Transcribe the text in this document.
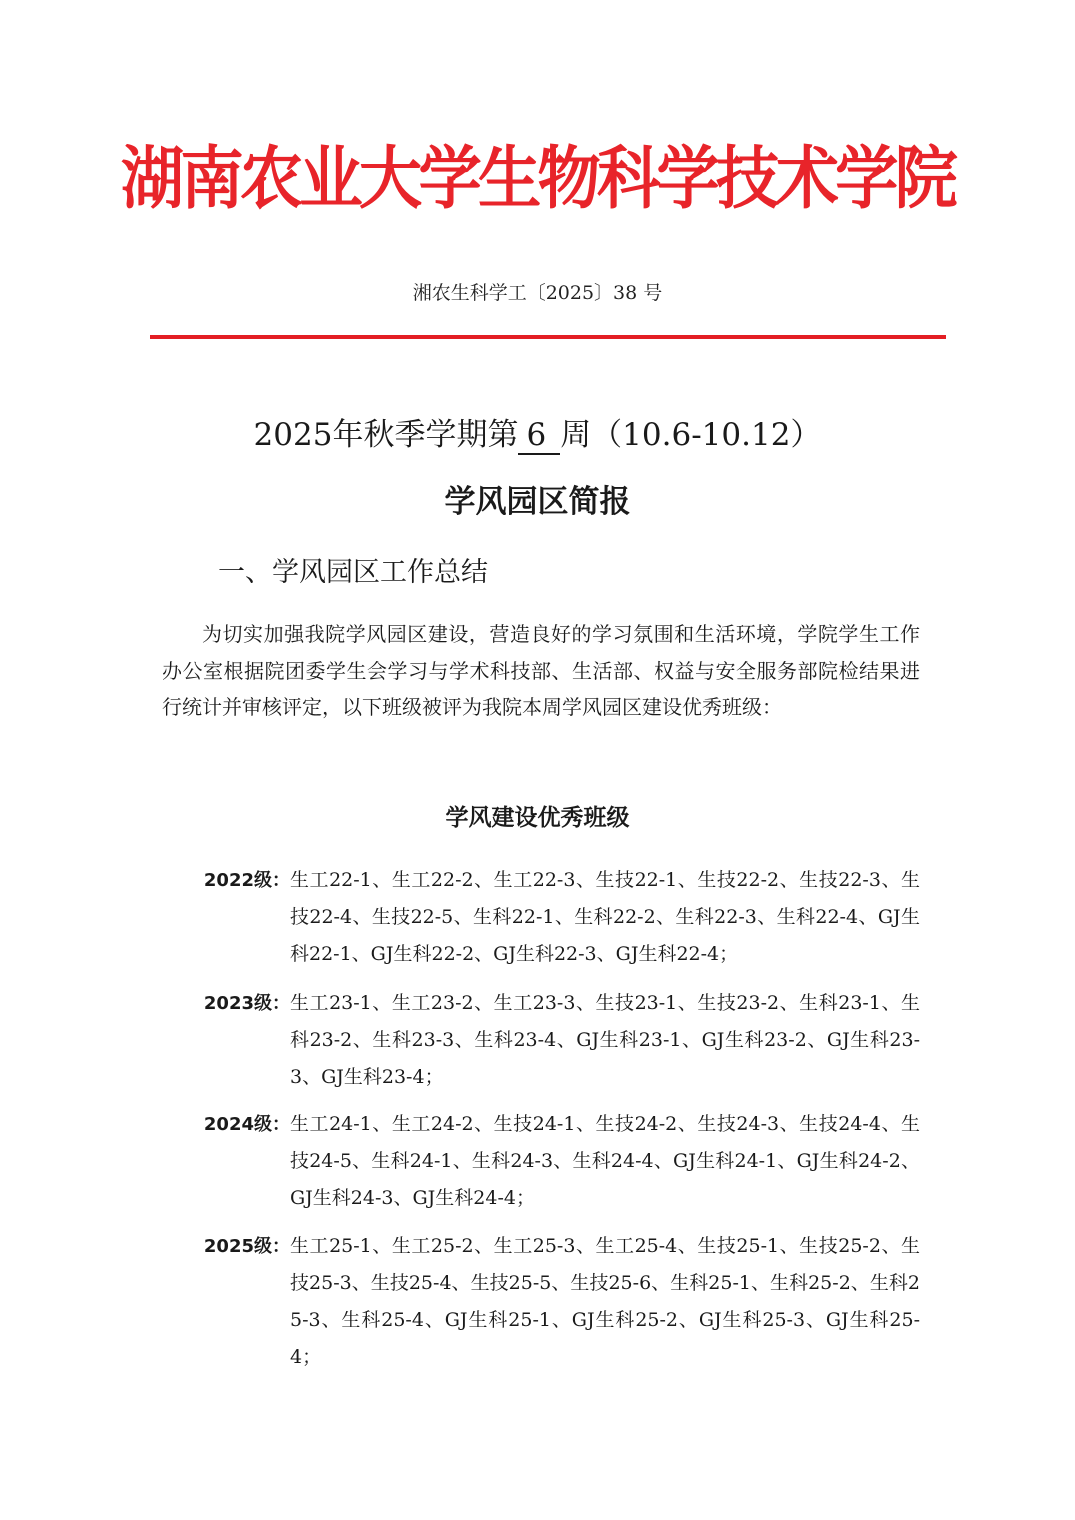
湖南农业大学生物科学技术学院
湘农生科学工〔2025〕38 号
2025年秋季学期第 6 周（10.6-10.12）
学风园区简报
一、学风园区工作总结
为切实加强我院学风园区建设，营造良好的学习氛围和生活环境，学院学生工作办公室根据院团委学生会学习与学术科技部、生活部、权益与安全服务部院检结果进行统计并审核评定，以下班级被评为我院本周学风园区建设优秀班级：
学风建设优秀班级
2022级： 生工22-1、生工22-2、生工22-3、生技22-1、生技22-2、生技22-3、生技22-4、生技22-5、生科22-1、生科22-2、生科22-3、生科22-4、GJ生科22-1、GJ生科22-2、GJ生科22-3、GJ生科22-4；
2023级： 生工23-1、生工23-2、生工23-3、生技23-1、生技23-2、生科23-1、生科23-2、生科23-3、生科23-4、GJ生科23-1、GJ生科23-2、GJ生科23-3、GJ生科23-4；
2024级： 生工24-1、生工24-2、生技24-1、生技24-2、生技24-3、生技24-4、生技24-5、生科24-1、生科24-3、生科24-4、GJ生科24-1、GJ生科24-2、GJ生科24-3、GJ生科24-4；
2025级： 生工25-1、生工25-2、生工25-3、生工25-4、生技25-1、生技25-2、生技25-3、生技25-4、生技25-5、生技25-6、生科25-1、生科25-2、生科25-3、生科25-4、GJ生科25-1、GJ生科25-2、GJ生科25-3、GJ生科25-4；
